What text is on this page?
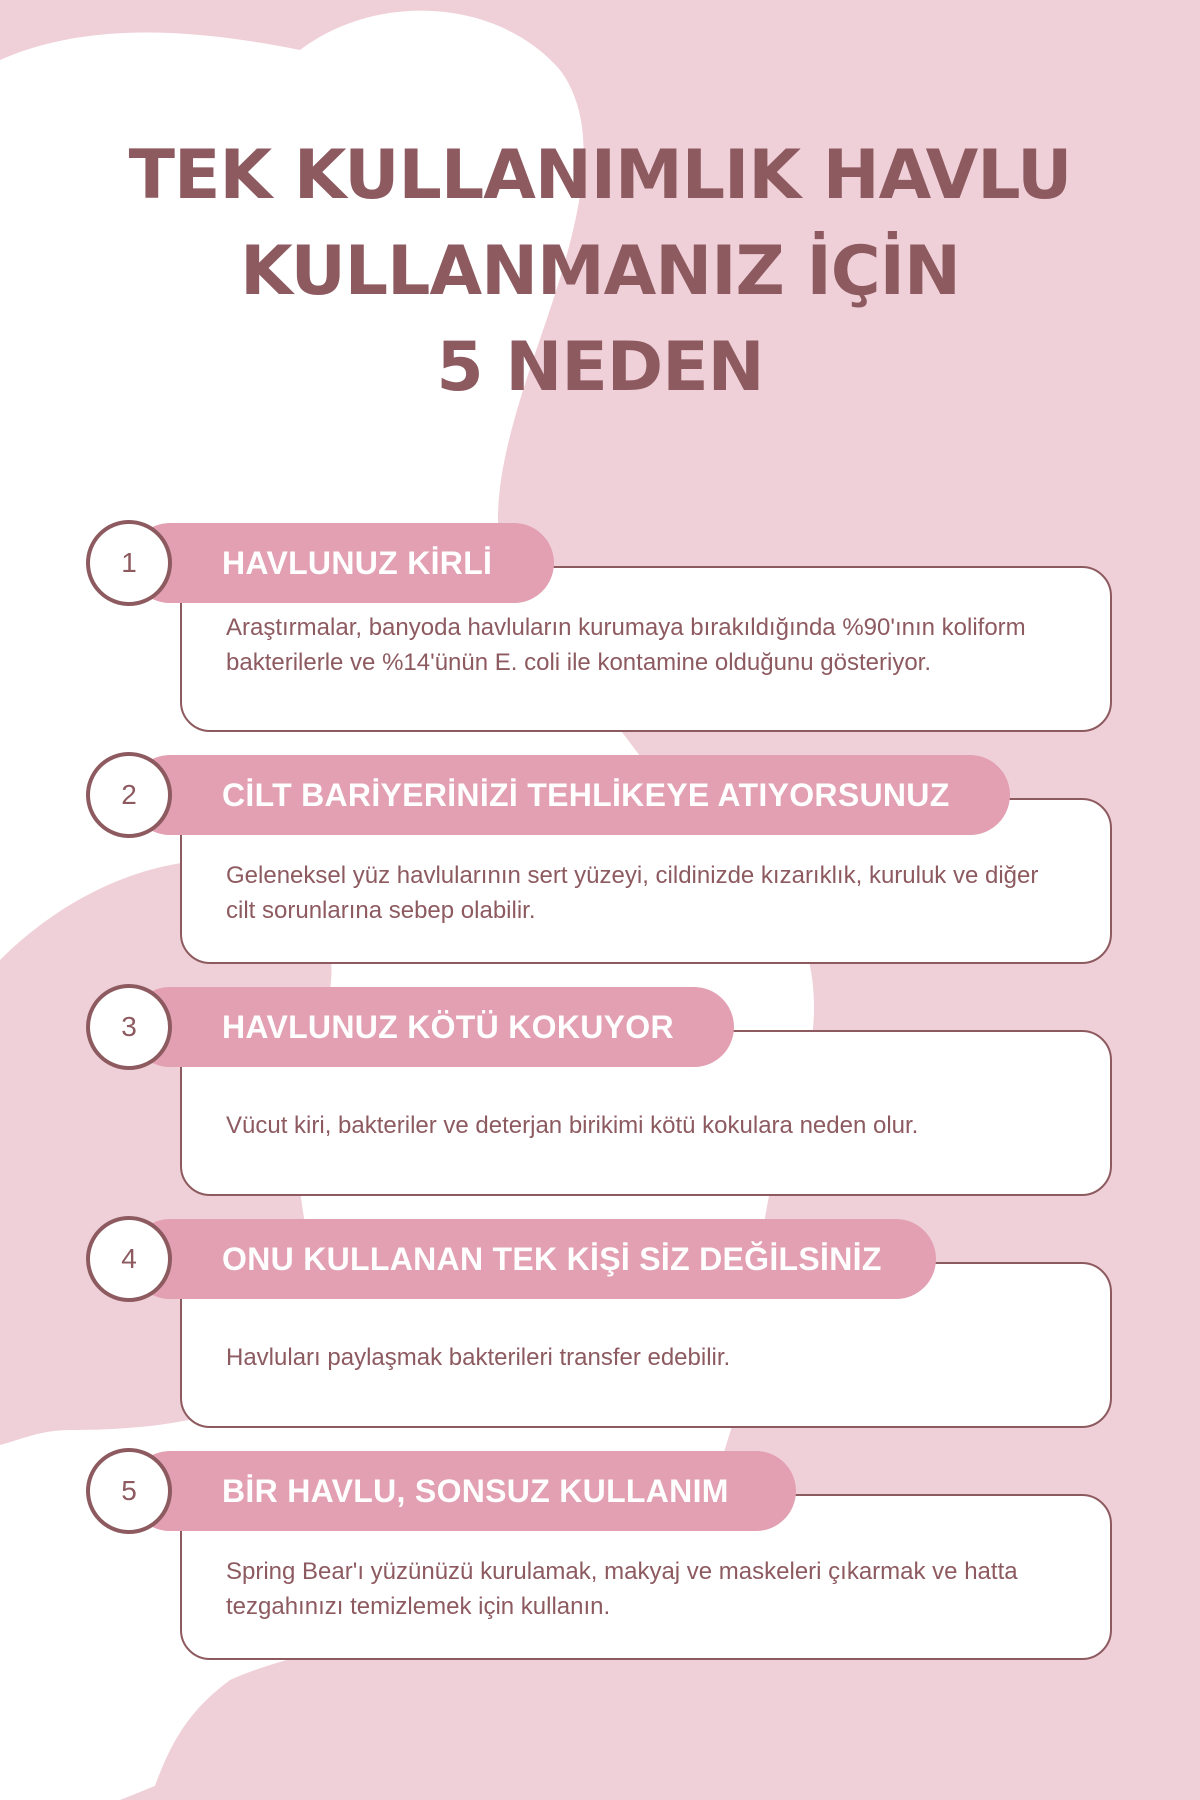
TEK KULLANIMLIK HAVLU
KULLANMANIZ İÇİN
5 NEDEN
Araştırmalar, banyoda havluların kurumaya bırakıldığında %90'ının koliform bakterilerle ve %14'ünün E. coli ile kontamine olduğunu gösteriyor.
HAVLUNUZ KİRLİ
1
Geleneksel yüz havlularının sert yüzeyi, cildinizde kızarıklık, kuruluk ve diğer cilt sorunlarına sebep olabilir.
CİLT BARİYERİNİZİ TEHLİKEYE ATIYORSUNUZ
2
Vücut kiri, bakteriler ve deterjan birikimi kötü kokulara neden olur.
HAVLUNUZ KÖTÜ KOKUYOR
3
Havluları paylaşmak bakterileri transfer edebilir.
ONU KULLANAN TEK KİŞİ SİZ DEĞİLSİNİZ
4
Spring Bear'ı yüzünüzü kurulamak, makyaj ve maskeleri çıkarmak ve hatta tezgahınızı temizlemek için kullanın.
BİR HAVLU, SONSUZ KULLANIM
5
